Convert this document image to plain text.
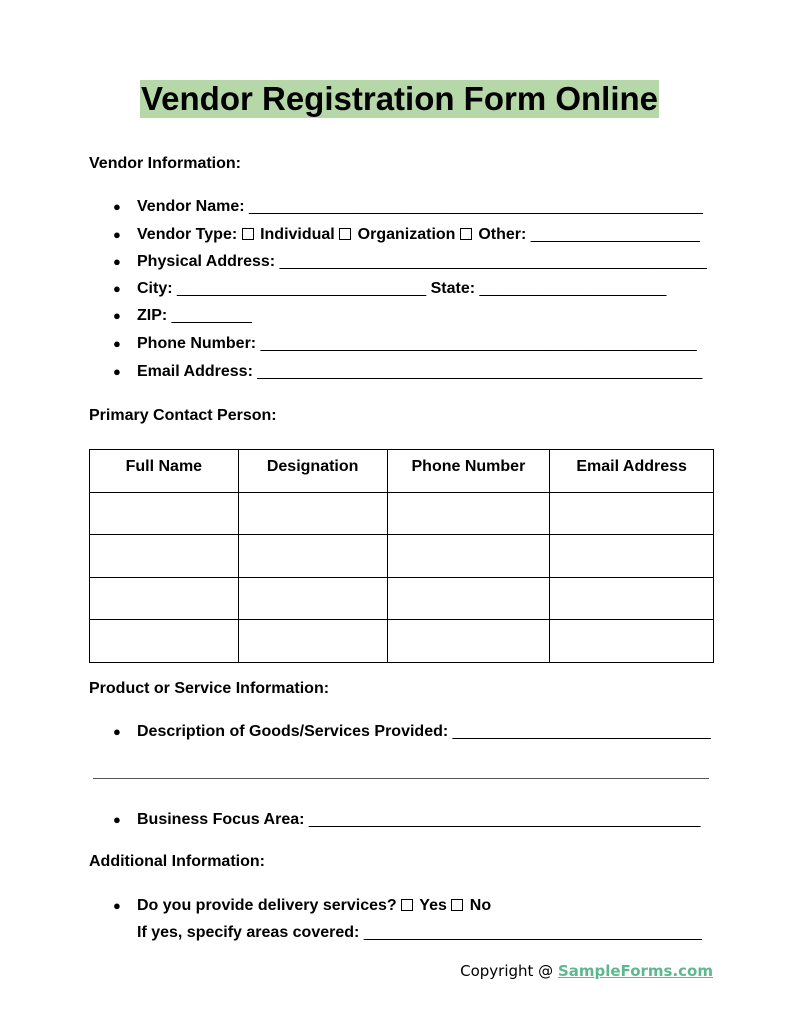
Vendor Registration Form Online
Vendor Information:
● Vendor Name: ___________________________________________________
● Vendor Type: Individual Organization Other: ___________________
● Physical Address: ________________________________________________
● City: ____________________________ State: _____________________
● ZIP: _________
● Phone Number: _________________________________________________
● Email Address: __________________________________________________
Primary Contact Person:
Full Name	Designation	Phone Number	Email Address

Product or Service Information:
● Description of Goods/Services Provided: _____________________________
● Business Focus Area: ____________________________________________
Additional Information:
● Do you provide delivery services? Yes No
If yes, specify areas covered: ______________________________________
Copyright @ SampleForms.com
